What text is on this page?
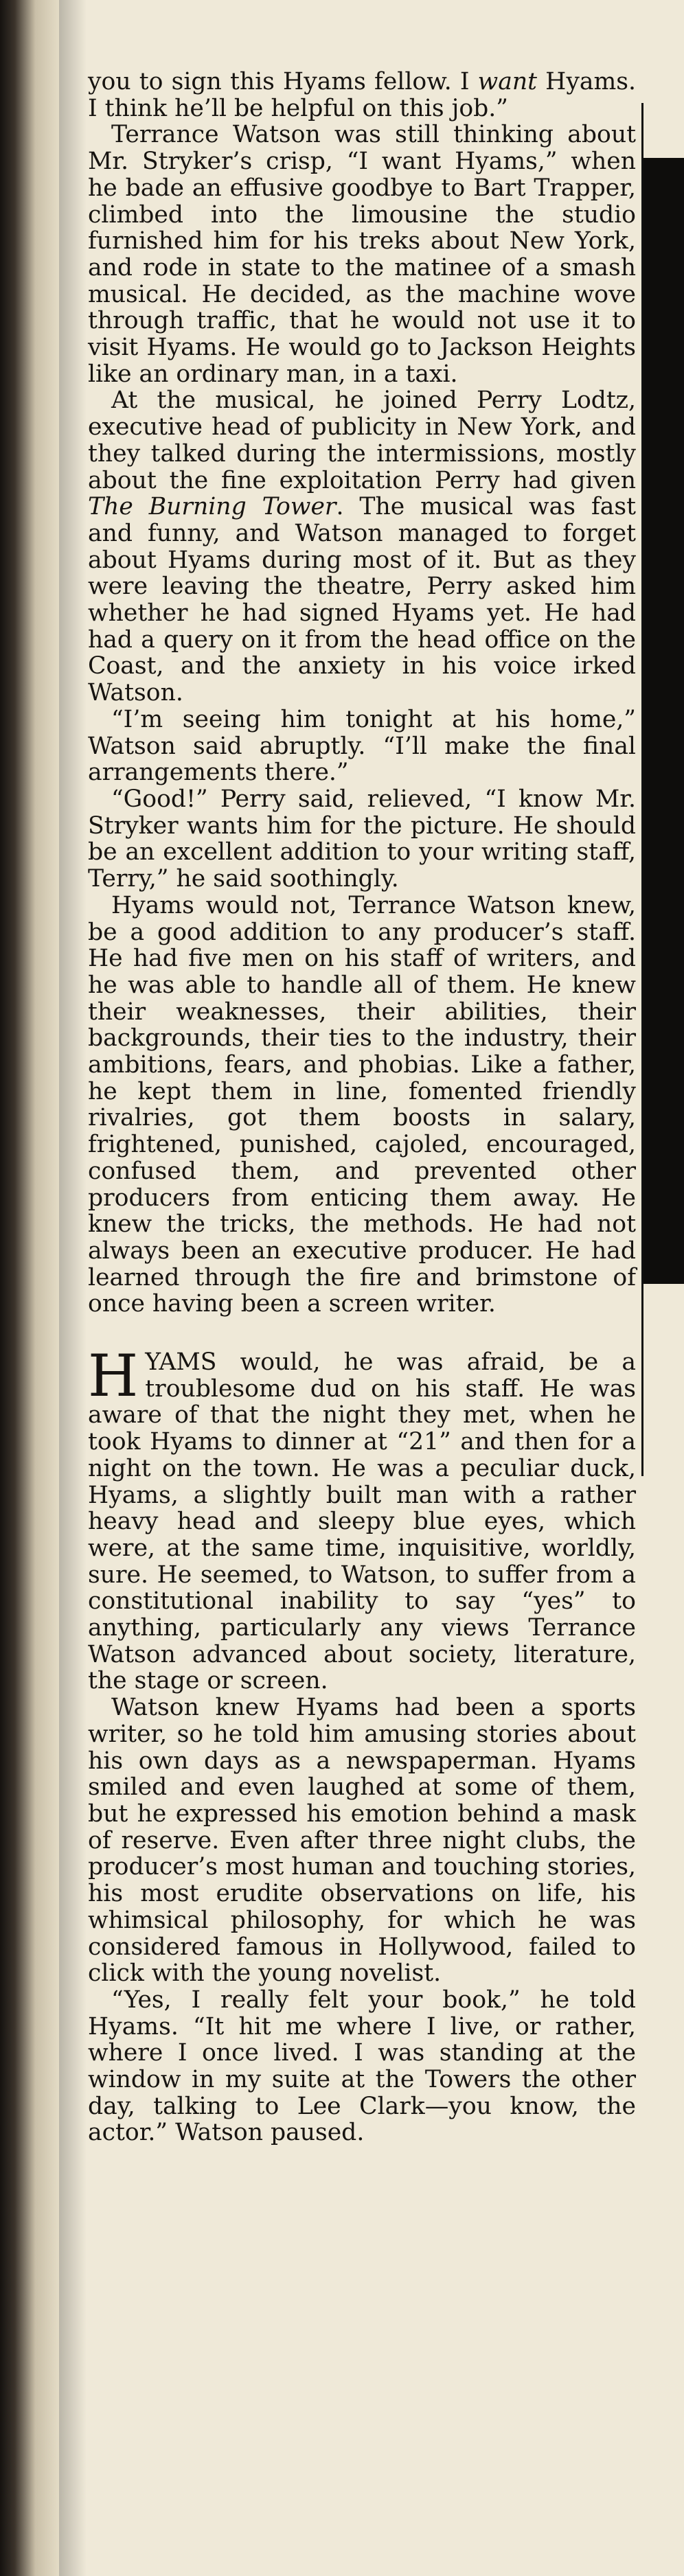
you to sign this Hyams fellow. I want Hyams. I think he’ll be helpful on this job.”

Terrance Watson was still thinking about Mr. Stryker’s crisp, “I want Hyams,” when he bade an effusive goodbye to Bart Trapper, climbed into the limousine the studio furnished him for his treks about New York, and rode in state to the matinee of a smash musical. He decided, as the machine wove through traffic, that he would not use it to visit Hyams. He would go to Jackson Heights like an ordinary man, in a taxi.

At the musical, he joined Perry Lodtz, executive head of publicity in New York, and they talked during the intermissions, mostly about the fine exploitation Perry had given The Burning Tower. The musical was fast and funny, and Watson managed to forget about Hyams during most of it. But as they were leaving the theatre, Perry asked him whether he had signed Hyams yet. He had had a query on it from the head office on the Coast, and the anxiety in his voice irked Watson.

“I’m seeing him tonight at his home,” Watson said abruptly. “I’ll make the final arrangements there.”

“Good!” Perry said, relieved, “I know Mr. Stryker wants him for the picture. He should be an excellent addition to your writing staff, Terry,” he said soothingly.

Hyams would not, Terrance Watson knew, be a good addition to any producer’s staff. He had five men on his staff of writers, and he was able to handle all of them. He knew their weaknesses, their abilities, their backgrounds, their ties to the industry, their ambitions, fears, and phobias. Like a father, he kept them in line, fomented friendly rivalries, got them boosts in salary, frightened, punished, cajoled, encouraged, confused them, and prevented other producers from enticing them away. He knew the tricks, the methods. He had not always been an executive producer. He had learned through the fire and brimstone of once having been a screen writer.

HYAMS would, he was afraid, be a troublesome dud on his staff. He was aware of that the night they met, when he took Hyams to dinner at “21” and then for a night on the town. He was a peculiar duck, Hyams, a slightly built man with a rather heavy head and sleepy blue eyes, which were, at the same time, inquisitive, worldly, sure. He seemed, to Watson, to suffer from a constitutional inability to say “yes” to anything, particularly any views Terrance Watson advanced about society, literature, the stage or screen.

Watson knew Hyams had been a sports writer, so he told him amusing stories about his own days as a newspaperman. Hyams smiled and even laughed at some of them, but he expressed his emotion behind a mask of reserve. Even after three night clubs, the producer’s most human and touching stories, his most erudite observations on life, his whimsical philosophy, for which he was considered famous in Hollywood, failed to click with the young novelist.

“Yes, I really felt your book,” he told Hyams. “It hit me where I live, or rather, where I once lived. I was standing at the window in my suite at the Towers the other day, talking to Lee Clark—you know, the actor.” Watson paused.
